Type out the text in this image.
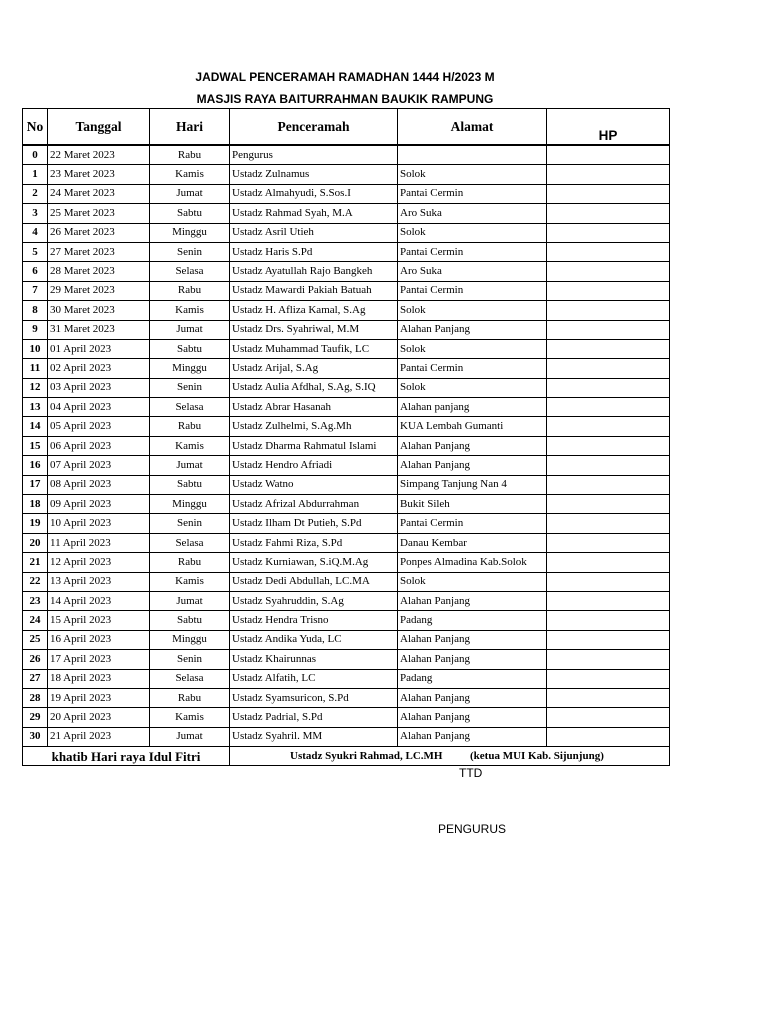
JADWAL PENCERAMAH RAMADHAN 1444 H/2023 M
MASJIS RAYA BAITURRAHMAN BAUKIK RAMPUNG
No	Tanggal	Hari	Penceramah	Alamat	HP
0	22 Maret 2023	Rabu	Pengurus		
1	23 Maret 2023	Kamis	Ustadz Zulnamus	Solok	
2	24 Maret 2023	Jumat	Ustadz Almahyudi, S.Sos.I	Pantai Cermin	
3	25 Maret 2023	Sabtu	Ustadz Rahmad Syah, M.A	Aro Suka	
4	26 Maret 2023	Minggu	Ustadz Asril Utieh	Solok	
5	27 Maret 2023	Senin	Ustadz Haris S.Pd	Pantai Cermin	
6	28 Maret 2023	Selasa	Ustadz Ayatullah Rajo Bangkeh	Aro Suka	
7	29 Maret 2023	Rabu	Ustadz Mawardi Pakiah Batuah	Pantai Cermin	
8	30 Maret 2023	Kamis	Ustadz H. Afliza Kamal, S.Ag	Solok	
9	31 Maret 2023	Jumat	Ustadz Drs. Syahriwal, M.M	Alahan Panjang	
10	01 April 2023	Sabtu	Ustadz Muhammad Taufik, LC	Solok	
11	02 April 2023	Minggu	Ustadz Arijal, S.Ag	Pantai Cermin	
12	03 April 2023	Senin	Ustadz Aulia Afdhal, S.Ag, S.IQ	Solok	
13	04 April 2023	Selasa	Ustadz Abrar Hasanah	Alahan panjang	
14	05 April 2023	Rabu	Ustadz Zulhelmi, S.Ag.Mh	KUA Lembah Gumanti	
15	06 April 2023	Kamis	Ustadz Dharma Rahmatul Islami	Alahan Panjang	
16	07 April 2023	Jumat	Ustadz Hendro Afriadi	Alahan Panjang	
17	08 April 2023	Sabtu	Ustadz Watno	Simpang Tanjung Nan 4	
18	09 April 2023	Minggu	Ustadz Afrizal Abdurrahman	Bukit Sileh	
19	10 April 2023	Senin	Ustadz Ilham Dt Putieh, S.Pd	Pantai Cermin	
20	11 April 2023	Selasa	Ustadz Fahmi Riza, S.Pd	Danau Kembar	
21	12 April 2023	Rabu	Ustadz Kurniawan, S.iQ.M.Ag	Ponpes Almadina Kab.Solok	
22	13 April 2023	Kamis	Ustadz Dedi Abdullah, LC.MA	Solok	
23	14 April 2023	Jumat	Ustadz Syahruddin, S.Ag	Alahan Panjang	
24	15 April 2023	Sabtu	Ustadz Hendra Trisno	Padang	
25	16 April 2023	Minggu	Ustadz Andika Yuda, LC	Alahan Panjang	
26	17 April 2023	Senin	Ustadz Khairunnas	Alahan Panjang	
27	18 April 2023	Selasa	Ustadz Alfatih, LC	Padang	
28	19 April 2023	Rabu	Ustadz Syamsuricon, S.Pd	Alahan Panjang	
29	20 April 2023	Kamis	Ustadz Padrial, S.Pd	Alahan Panjang	
30	21 April 2023	Jumat	Ustadz Syahril. MM	Alahan Panjang	
khatib Hari raya Idul Fitri			Ustadz Syukri Rahmad, LC.MH (ketua MUI Kab. Sijunjung)		
TTD
PENGURUS
